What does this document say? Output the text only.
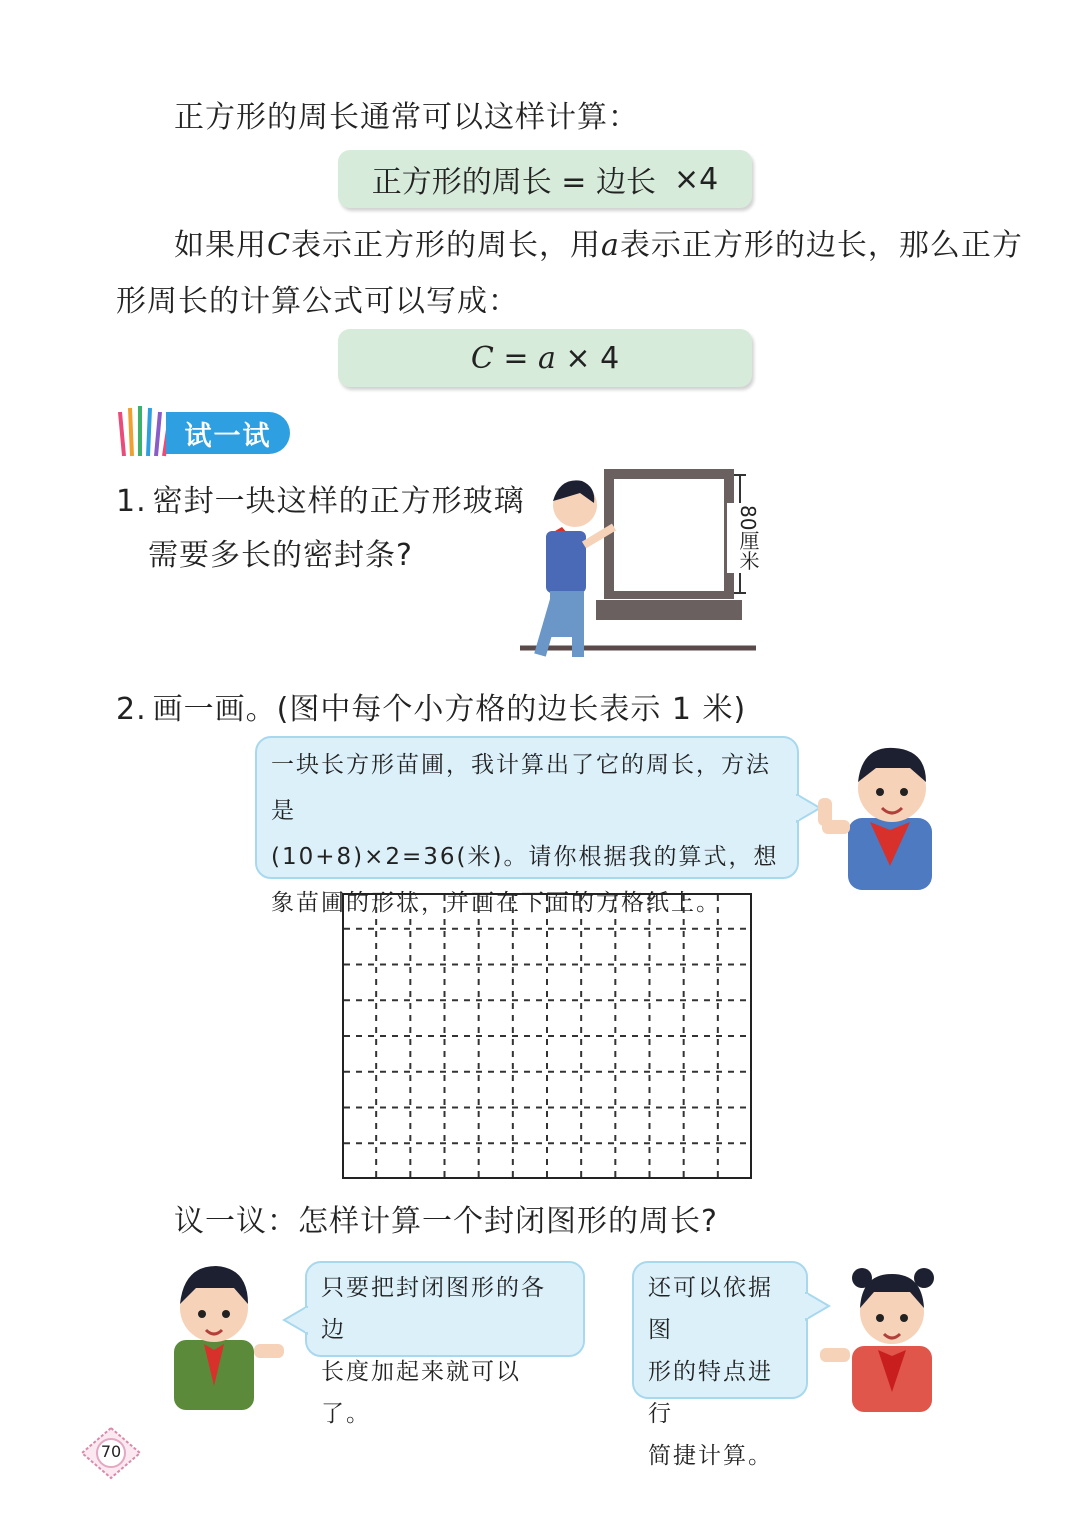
正方形的周长通常可以这样计算：
正方形的周长 = 边长 ×4
如果用C表示正方形的周长，用a表示正方形的边长，那么正方
形周长的计算公式可以写成：
C = a × 4
试一试
1. 密封一块这样的正方形玻璃
需要多长的密封条?	80厘米
2. 画一画。(图中每个小方格的边长表示 1 米)
一块长方形苗圃，我计算出了它的周长，方法是
(10+8)×2=36(米)。请你根据我的算式，想
象苗圃的形状，并画在下面的方格纸上。
议一议：怎样计算一个封闭图形的周长?
只要把封闭图形的各边
长度加起来就可以了。
还可以依据图
形的特点进行
简捷计算。
70
